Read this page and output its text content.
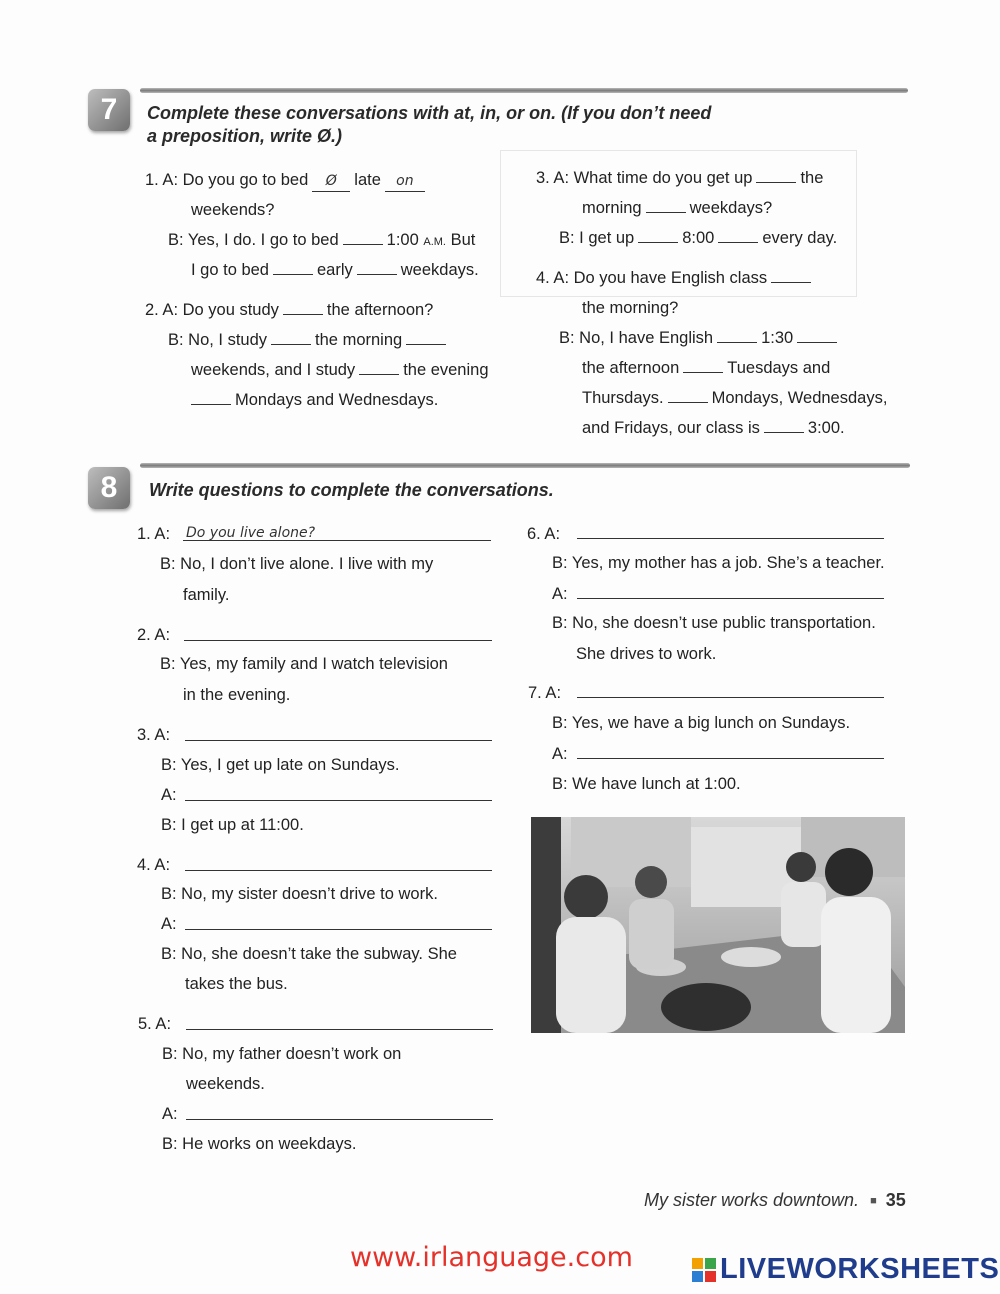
7	Complete these conversations with at, in, or on. (If you don’t need
a preposition, write Ø.)
1. A: Do you go to bed Ø late on
weekends?
B: Yes, I do. I go to bed	1:00 A.M. But
I go to bed	early	weekdays.
2. A: Do you study	the afternoon?
B: No, I study	the morning
weekends, and I study	the evening
Mondays and Wednesdays.
3. A: What time do you get up	the
morning	weekdays?
B: I get up	8:00	every day.
4. A: Do you have English class
the morning?
B: No, I have English	1:30
the afternoon	Tuesdays and
Thursdays.	Mondays, Wednesdays,
and Fridays, our class is	3:00.
8	Write questions to complete the conversations.
1. A: Do you live alone?
B: No, I don’t live alone. I live with my
family.
2. A:
B: Yes, my family and I watch television
in the evening.
3. A:
B: Yes, I get up late on Sundays.
A:
B: I get up at 11:00.
4. A:
B: No, my sister doesn’t drive to work.
A:
B: No, she doesn’t take the subway. She
takes the bus.
5. A:
B: No, my father doesn’t work on
weekends.
A:
B: He works on weekdays.
6. A:
B: Yes, my mother has a job. She’s a teacher.
A:
B: No, she doesn’t use public transportation.
She drives to work.
7. A:
B: Yes, we have a big lunch on Sundays.
A:
B: We have lunch at 1:00.
My sister works downtown. ■ 35
www.irlanguage.com	LIVEWORKSHEETS
